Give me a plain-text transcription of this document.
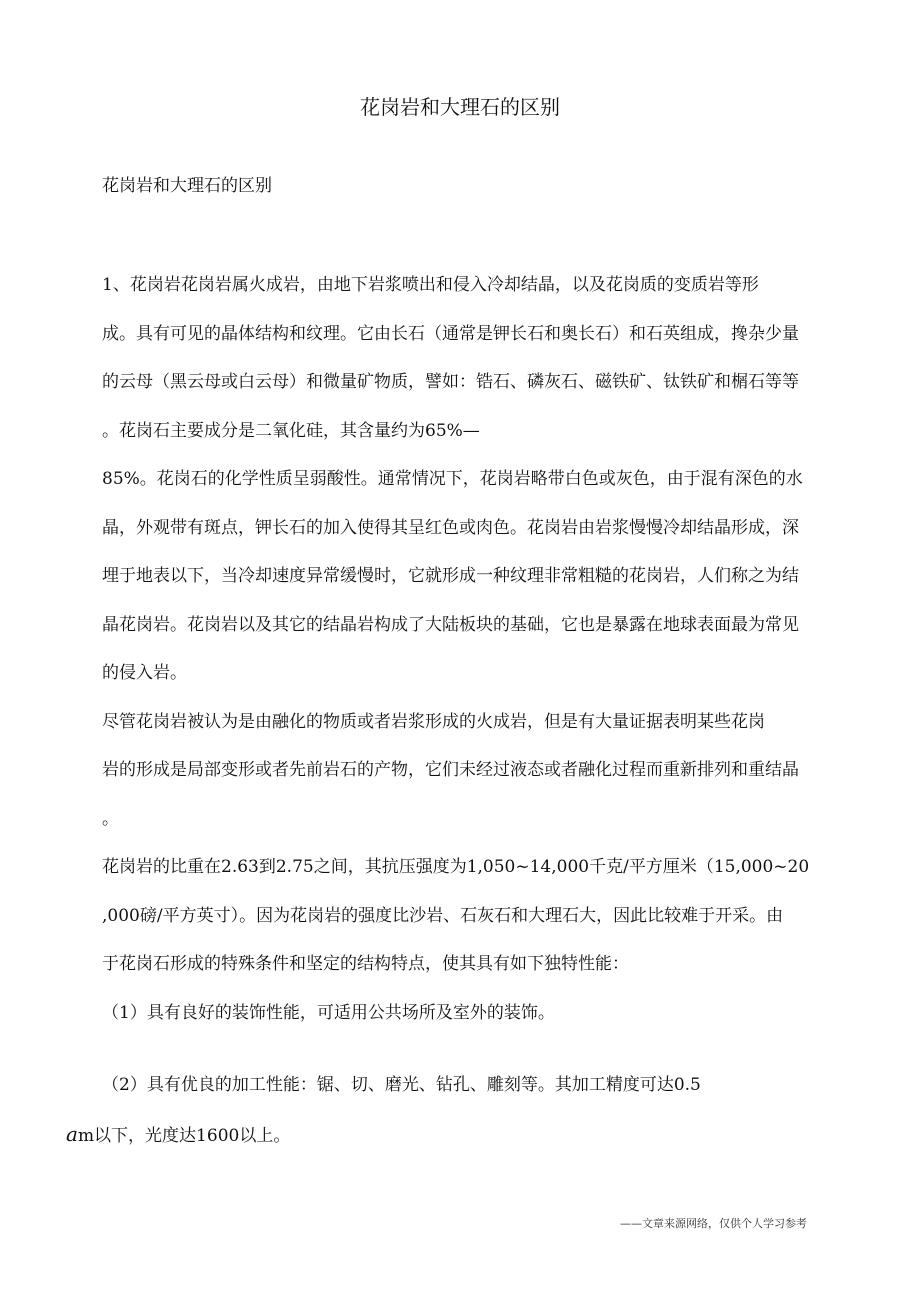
花岗岩和大理石的区别
花岗岩和大理石的区别

1、花岗岩花岗岩属火成岩，由地下岩浆喷出和侵入冷却结晶，以及花岗质的变质岩等形
成。具有可见的晶体结构和纹理。它由长石（通常是钾长石和奥长石）和石英组成，搀杂少量
的云母（黑云母或白云母）和微量矿物质，譬如：锆石、磷灰石、磁铁矿、钛铁矿和榍石等等
。花岗石主要成分是二氧化硅，其含量约为65%—
85%。花岗石的化学性质呈弱酸性。通常情况下，花岗岩略带白色或灰色，由于混有深色的水
晶，外观带有斑点，钾长石的加入使得其呈红色或肉色。花岗岩由岩浆慢慢冷却结晶形成，深
埋于地表以下，当冷却速度异常缓慢时，它就形成一种纹理非常粗糙的花岗岩，人们称之为结
晶花岗岩。花岗岩以及其它的结晶岩构成了大陆板块的基础，它也是暴露在地球表面最为常见
的侵入岩。

尽管花岗岩被认为是由融化的物质或者岩浆形成的火成岩，但是有大量证据表明某些花岗
岩的形成是局部变形或者先前岩石的产物，它们未经过液态或者融化过程而重新排列和重结晶
。

花岗岩的比重在2.63到2.75之间，其抗压强度为1,050~14,000千克/平方厘米（15,000~20
,000磅/平方英寸）。因为花岗岩的强度比沙岩、石灰石和大理石大，因此比较难于开采。由
于花岗石形成的特殊条件和坚定的结构特点，使其具有如下独特性能：

（1）具有良好的装饰性能，可适用公共场所及室外的装饰。

（2）具有优良的加工性能：锯、切、磨光、钻孔、雕刻等。其加工精度可达0.5

am以下，光度达1600以上。

——文章来源网络，仅供个人学习参考
